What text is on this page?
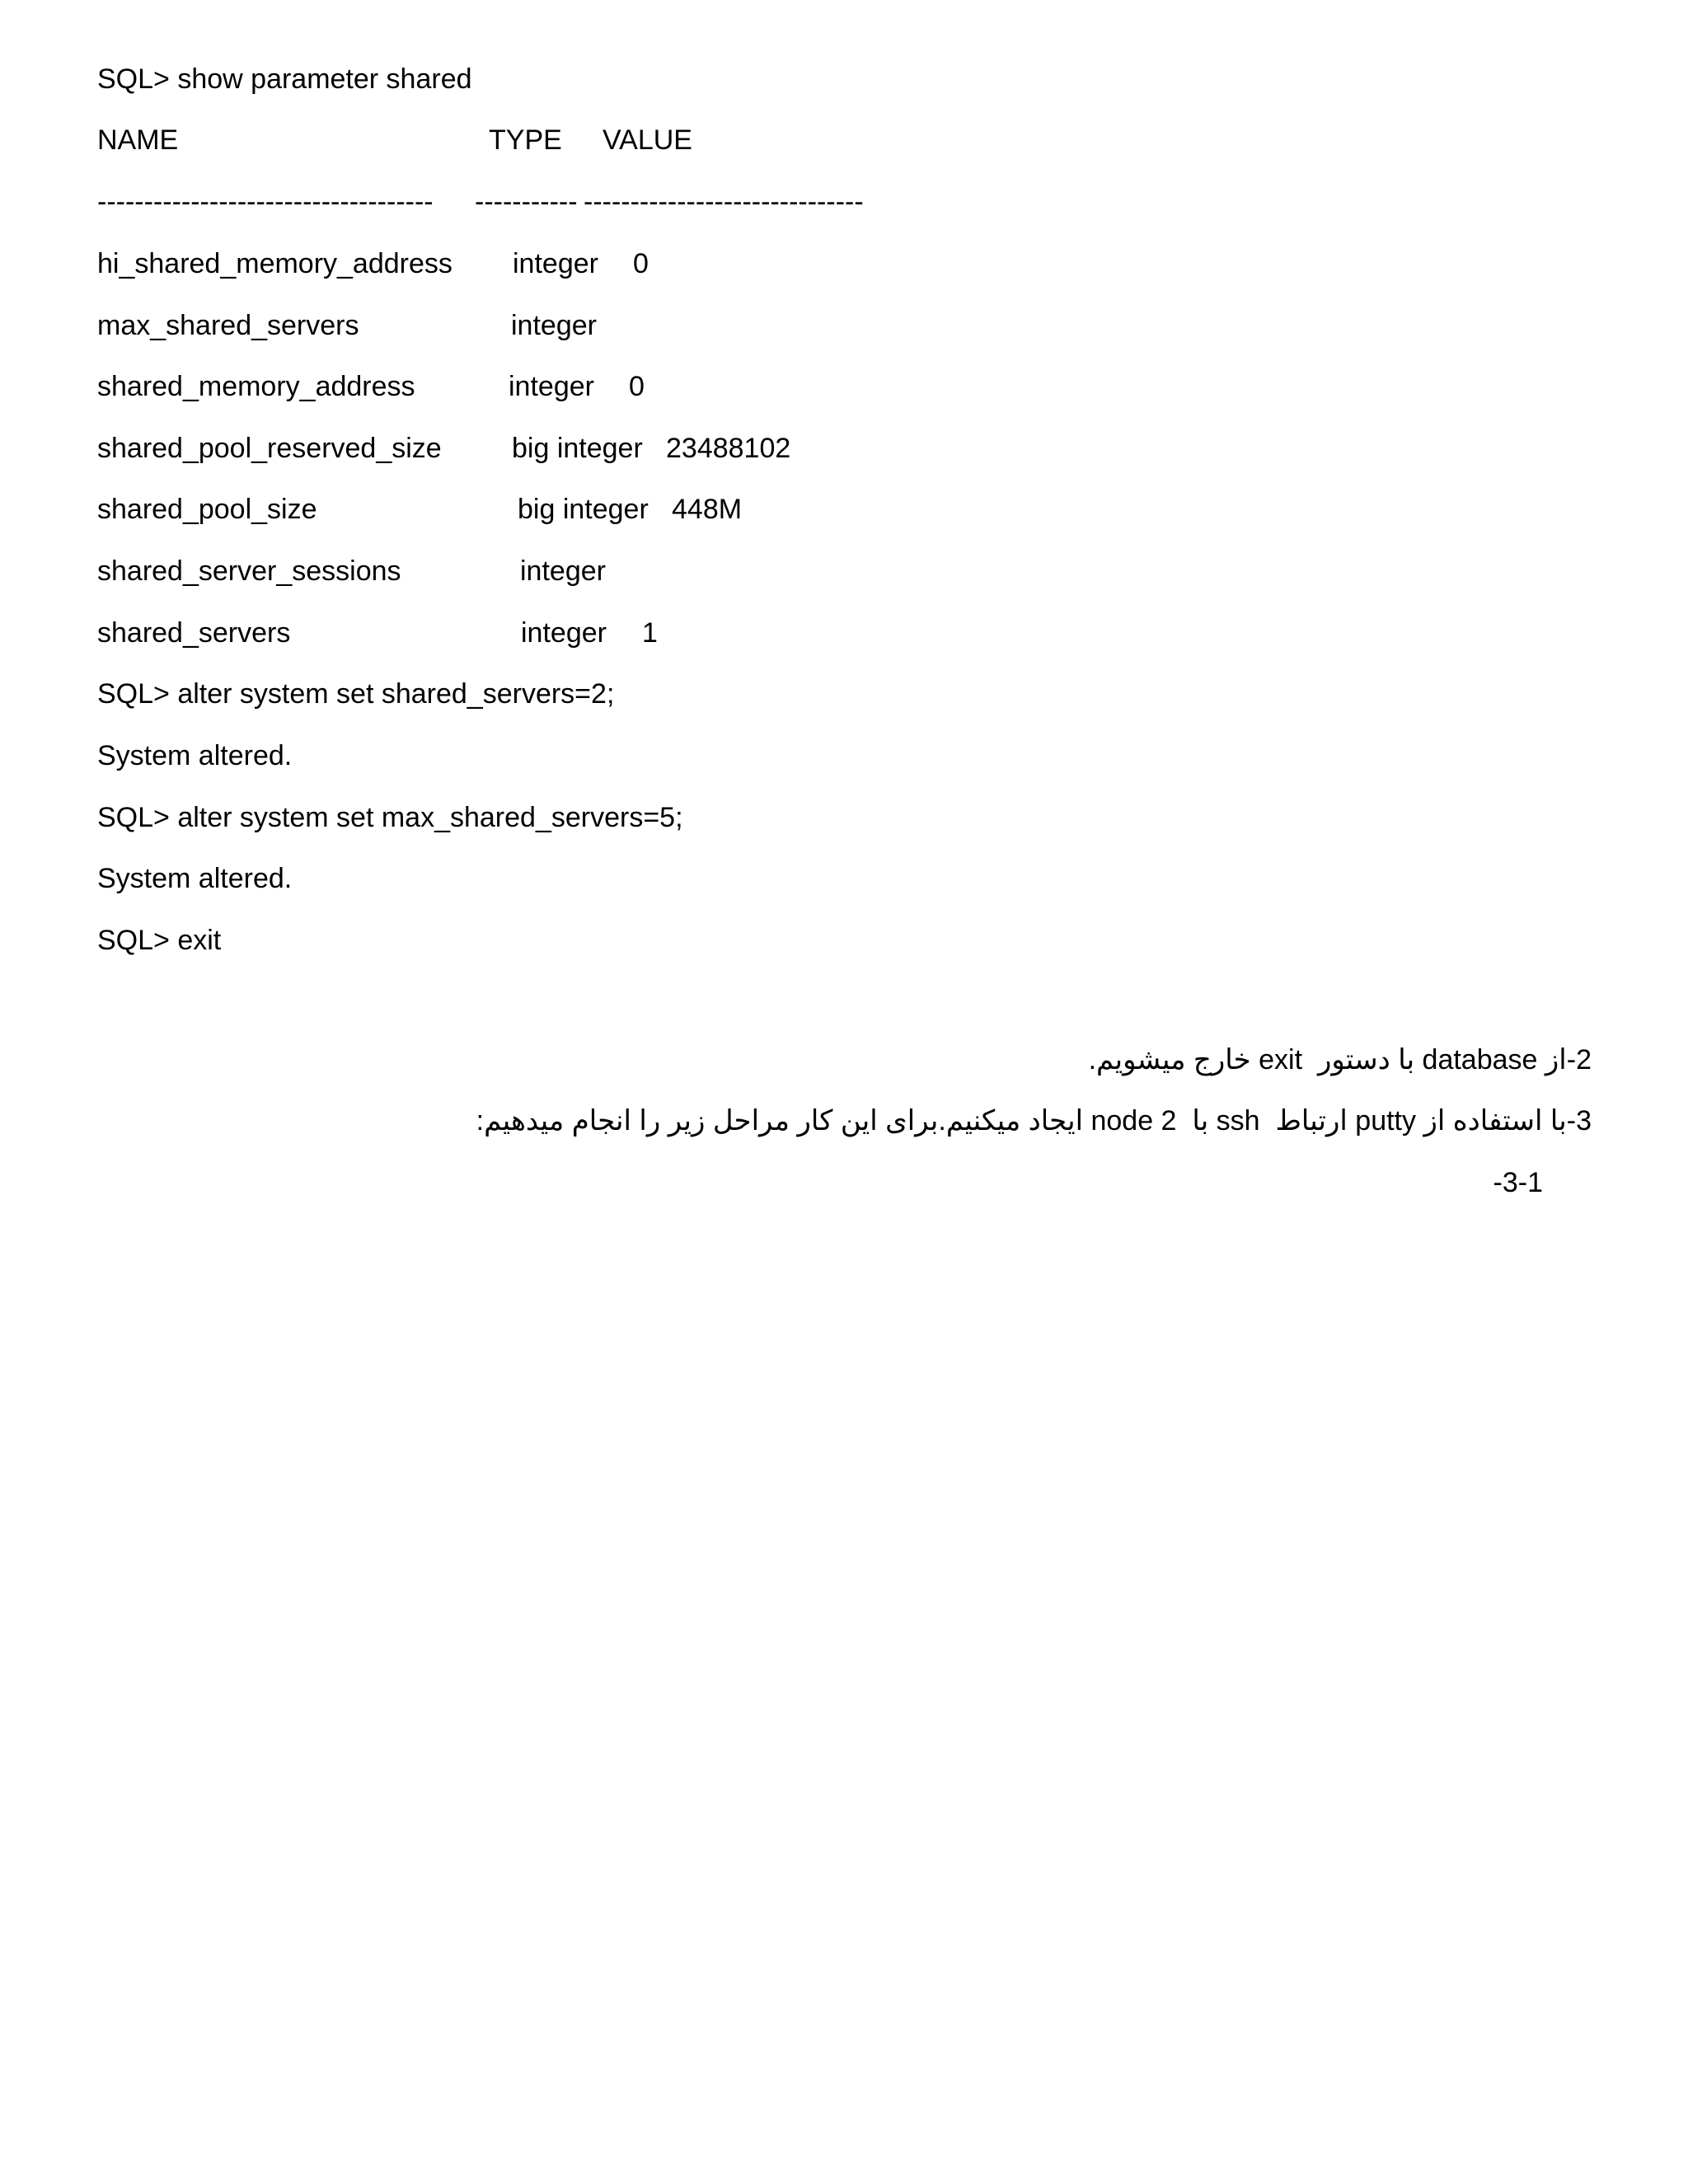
SQL> show parameter shared
NAME	TYPE VALUE
------------------------------------ ----------- ------------------------------
hi_shared_memory_address integer 0
max_shared_servers	integer
shared_memory_address	integer 0
shared_pool_reserved_size	big integer 23488102
shared_pool_size	big integer 448M
shared_server_sessions	integer
shared_servers	integer 1
SQL> alter system set shared_servers=2;
System altered.
SQL> alter system set max_shared_servers=5;
System altered.
SQL> exit
2-از database با دستور  exit خارج میشویم.
3-با استفاده از putty ارتباط  ssh با  node 2 ایجاد میکنیم.برای این کار مراحل زیر را انجام میدهیم:
3-1-
